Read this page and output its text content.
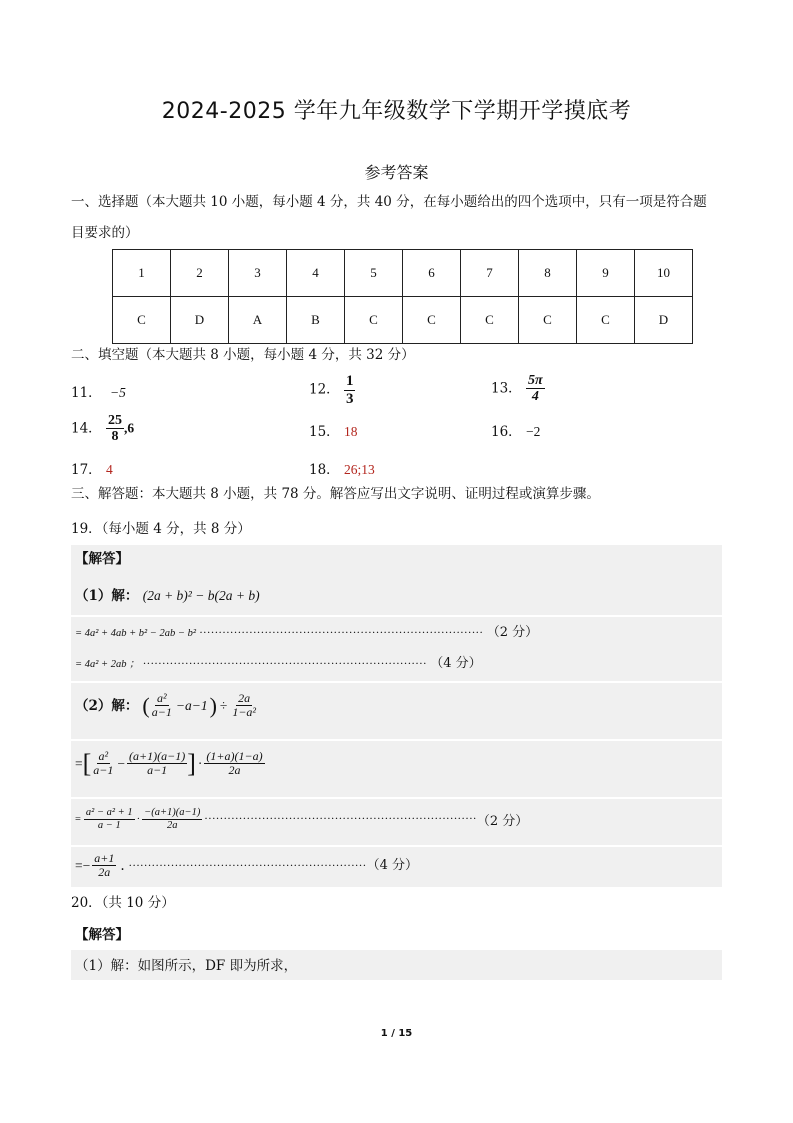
2024-2025 学年九年级数学下学期开学摸底考
参考答案
一、选择题（本大题共 10 小题，每小题 4 分，共 40 分，在每小题给出的四个选项中，只有一项是符合题
目要求的）
1	2	3	4	5	6	7	8	9	10
C	D	A	B	C	C	C	C	C	D
二、填空题（本大题共 8 小题，每小题 4 分，共 32 分）
11． −5	12． $\frac{1}{3}$	13． $\frac{5\pi}{4}$
14． $\frac{25}{8} ,6$	15． 18	16． −2
17． 4	18． 26;13
三、解答题：本大题共 8 小题，共 78 分。解答应写出文字说明、证明过程或演算步骤。
19．（每小题 4 分，共 8 分）
【解答】
（1）解： (2a + b)² − b(2a + b)
= 4a² + 4ab + b² − 2ab − b² ·········································································· （2 分）
= 4a² + 2ab ； ·········································································· （4 分）
（2）解： ( $\frac{\text{a²}}{a-1} -a-1$ ) ÷ $\frac{2a}{\text{1−a²}}$
= [ $\frac{\text{a²}}{a-1} - \frac{(a+1)(a-1)}{a-1}$ ] · $\frac{(1+a)(1-a)}{2a}$
= $\frac{\text{a² − a² + 1}}{a - 1} \cdot \frac{-(a+1)(a-1)}{2a}$ ······································································· （2 分）
=− $\frac{a+1}{2a}$ . ······························································ （4 分）
20．（共 10 分）
【解答】
（1）解：如图所示，DF 即为所求，
1 / 15
